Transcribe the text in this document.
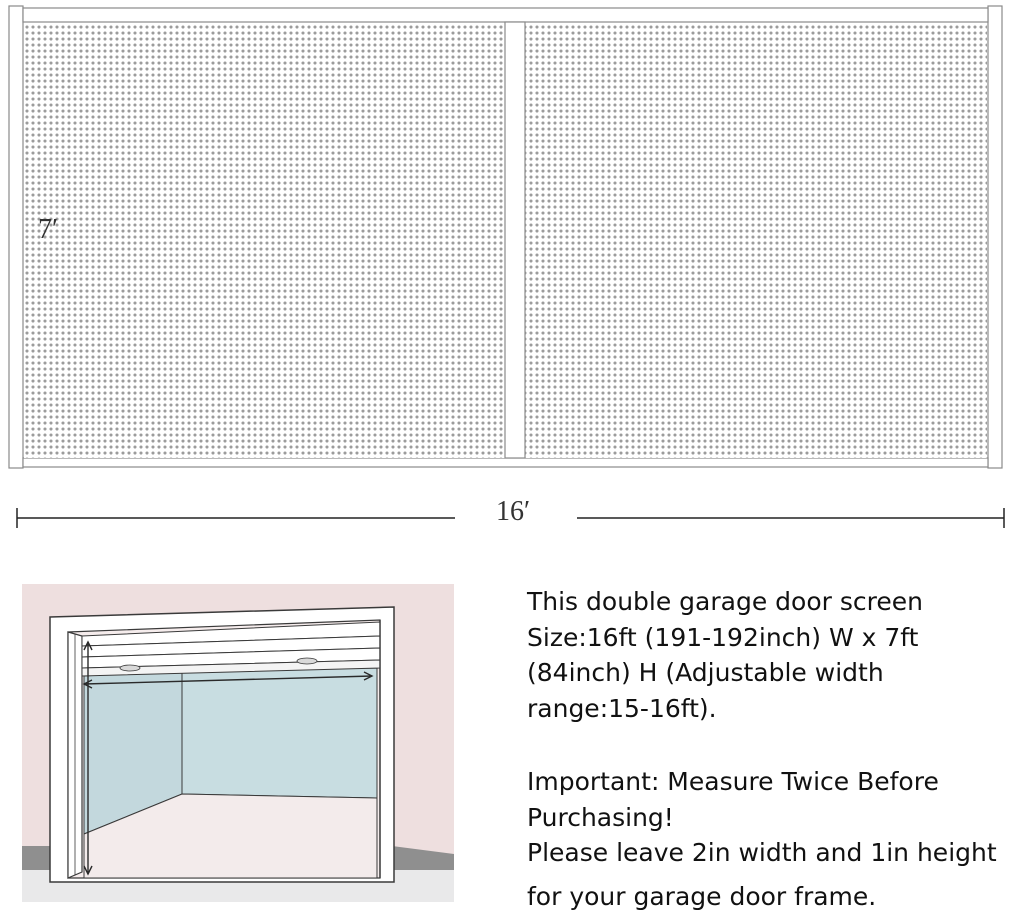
7′
16′

This double garage door screen
Size:16ft (191-192inch) W x 7ft
(84inch) H (Adjustable width
range:15-16ft).

Important: Measure Twice Before
Purchasing!
Please leave 2in width and 1in height

for your garage door frame.
